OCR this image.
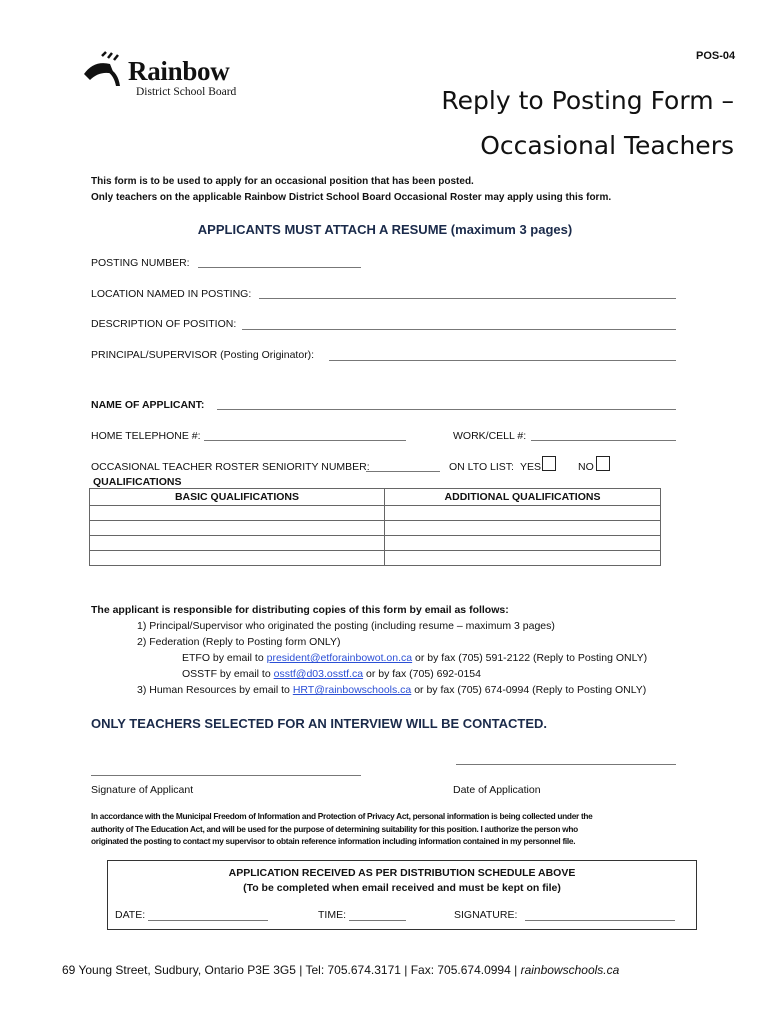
POS-04
Rainbow
District School Board	Reply to Posting Form –
Occasional Teachers
This form is to be used to apply for an occasional position that has been posted.
Only teachers on the applicable Rainbow District School Board Occasional Roster may apply using this form.
APPLICANTS MUST ATTACH A RESUME (maximum 3 pages)
POSTING NUMBER:
LOCATION NAMED IN POSTING:
DESCRIPTION OF POSITION:
PRINCIPAL/SUPERVISOR (Posting Originator):
NAME OF APPLICANT:
HOME TELEPHONE #:	WORK/CELL #:
OCCASIONAL TEACHER ROSTER SENIORITY NUMBER:	ON LTO LIST: YES	NO
QUALIFICATIONS
BASIC QUALIFICATIONS	ADDITIONAL QUALIFICATIONS

The applicant is responsible for distributing copies of this form by email as follows:
1) Principal/Supervisor who originated the posting (including resume – maximum 3 pages)
2) Federation (Reply to Posting form ONLY)
ETFO by email to president@etforainbowot.on.ca or by fax (705) 591-2122 (Reply to Posting ONLY)
OSSTF by email to osstf@d03.osstf.ca or by fax (705) 692-0154
3) Human Resources by email to HRT@rainbowschools.ca or by fax (705) 674-0994 (Reply to Posting ONLY)
ONLY TEACHERS SELECTED FOR AN INTERVIEW WILL BE CONTACTED.
Signature of Applicant	Date of Application
In accordance with the Municipal Freedom of Information and Protection of Privacy Act, personal information is being collected under the
authority of The Education Act, and will be used for the purpose of determining suitability for this position. I authorize the person who
originated the posting to contact my supervisor to obtain reference information including information contained in my personnel file.
APPLICATION RECEIVED AS PER DISTRIBUTION SCHEDULE ABOVE
(To be completed when email received and must be kept on file)
DATE:	TIME:	SIGNATURE:
69 Young Street, Sudbury, Ontario P3E 3G5 | Tel: 705.674.3171 | Fax: 705.674.0994 | rainbowschools.ca
